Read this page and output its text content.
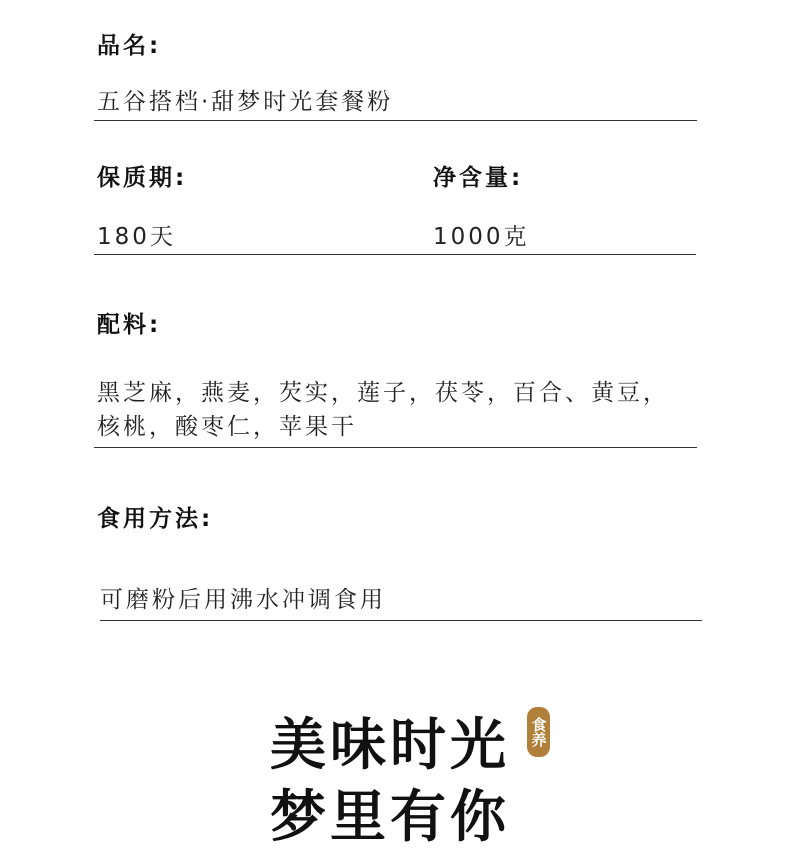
品名:
五谷搭档·甜梦时光套餐粉
保质期:	净含量:
180天	1000克
配料:
黑芝麻，燕麦，芡实，莲子，茯苓，百合、黄豆，
核桃，酸枣仁，苹果干
食用方法:
可磨粉后用沸水冲调食用
美味时光
梦里有你
食养
